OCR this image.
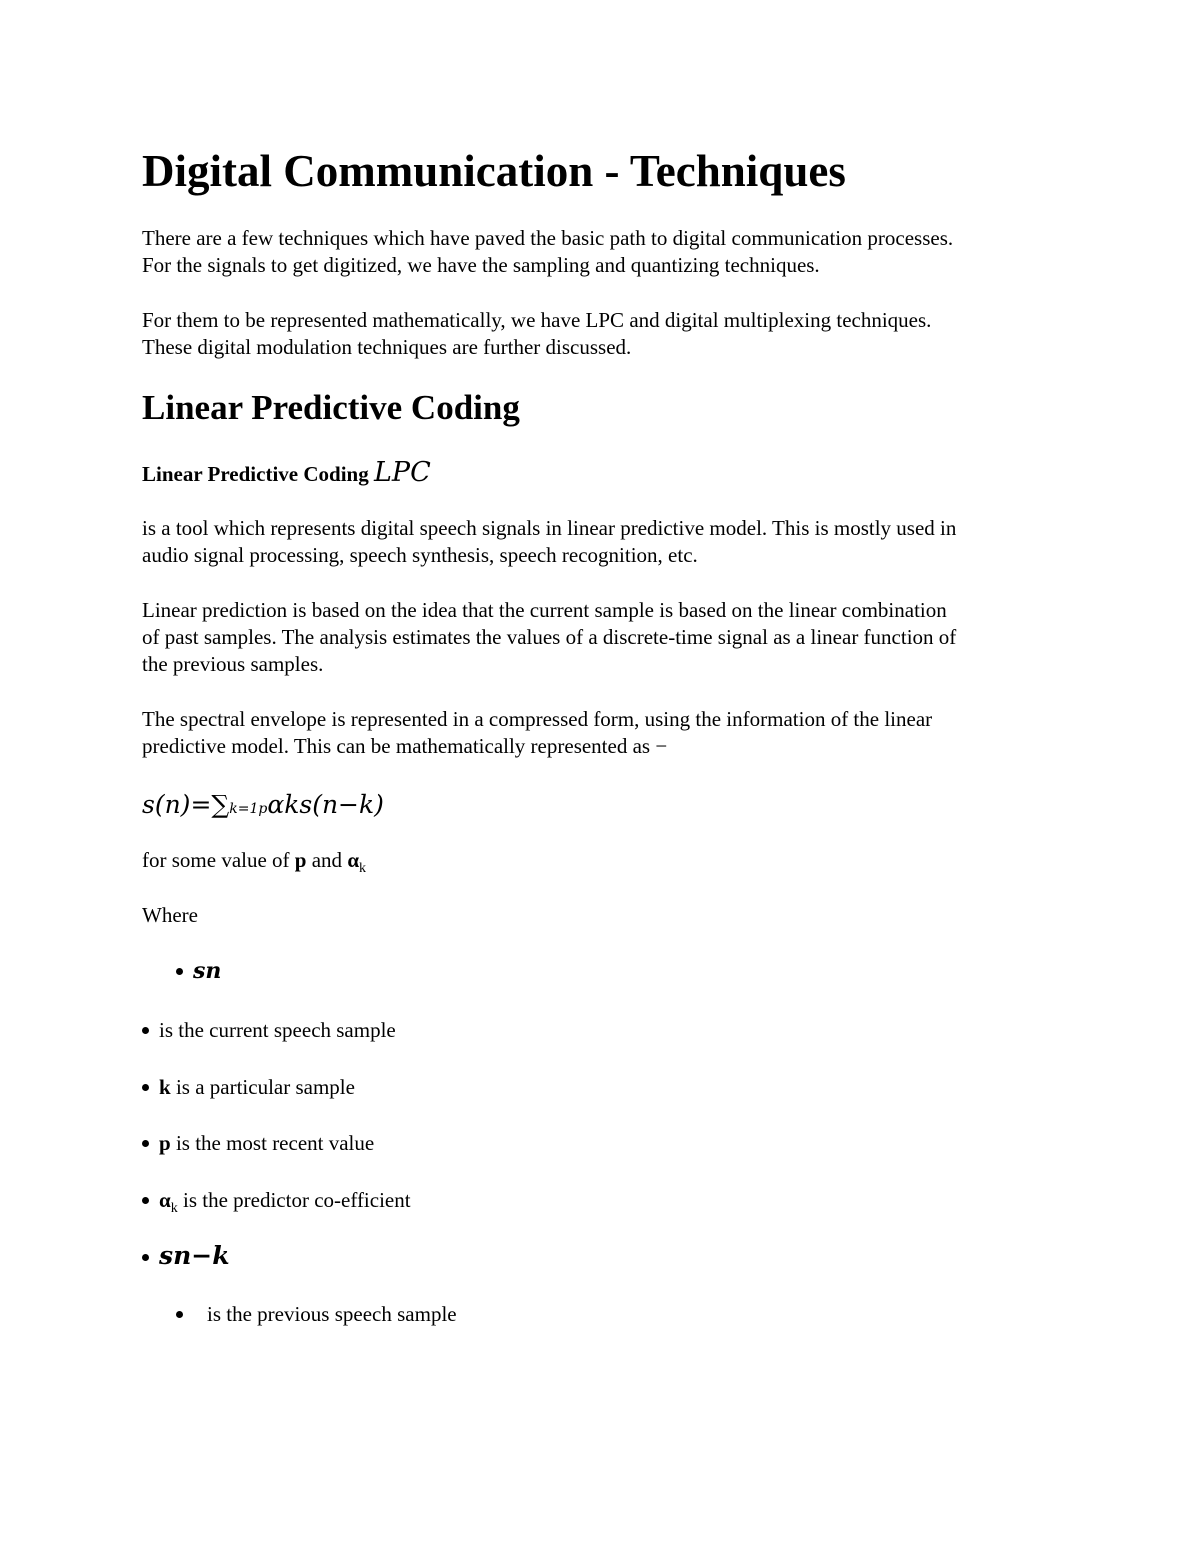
Digital Communication - Techniques

There are a few techniques which have paved the basic path to digital communication processes.

For the signals to get digitized, we have the sampling and quantizing techniques.

For them to be represented mathematically, we have LPC and digital multiplexing techniques.

These digital modulation techniques are further discussed.

Linear Predictive Coding
Linear Predictive Coding LPC

is a tool which represents digital speech signals in linear predictive model. This is mostly used in

audio signal processing, speech synthesis, speech recognition, etc.

Linear prediction is based on the idea that the current sample is based on the linear combination

of past samples. The analysis estimates the values of a discrete-time signal as a linear function of

the previous samples.

The spectral envelope is represented in a compressed form, using the information of the linear

predictive model. This can be mathematically represented as −

s(n)=∑k=1pαks(n−k)

for some value of p and $\alpha_k$

Where

sn
is the current speech sample
k is a particular sample
p is the most recent value
$\alpha_k$ is the predictor co-efficient
sn−k
is the previous speech sample
